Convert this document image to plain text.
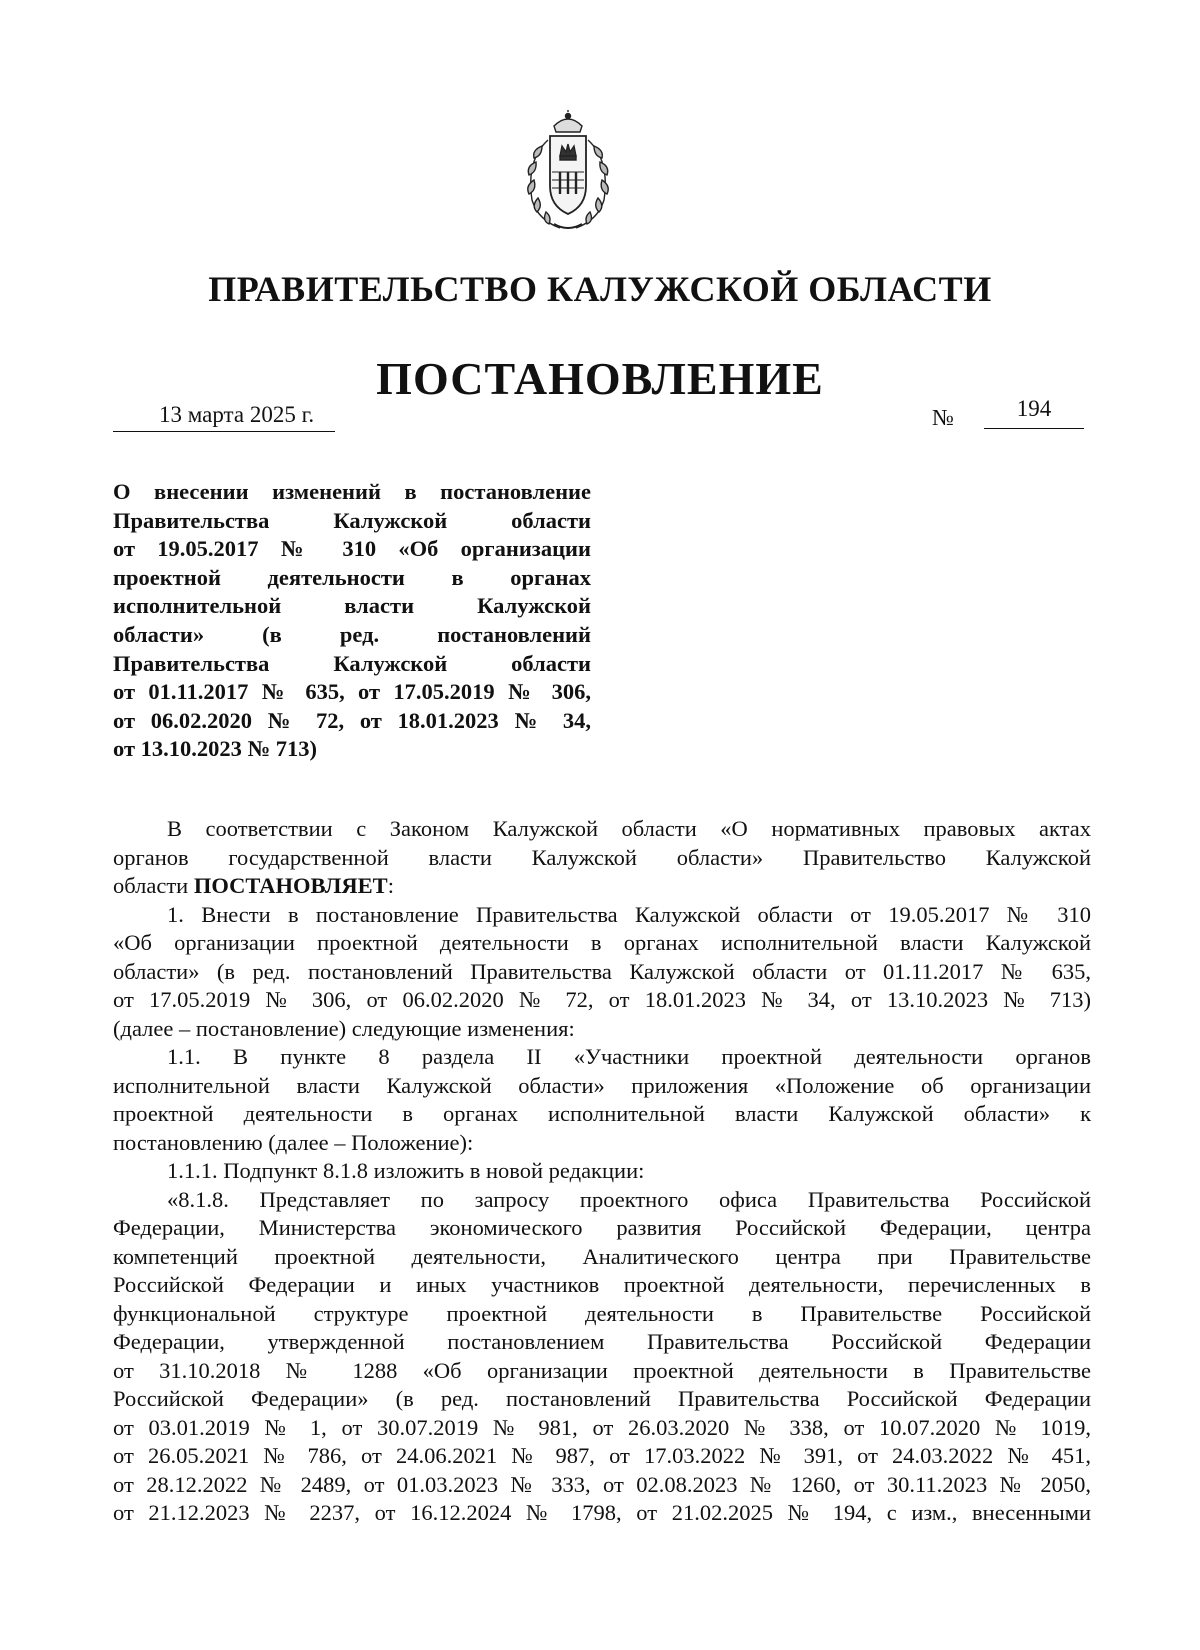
ПРАВИТЕЛЬСТВО КАЛУЖСКОЙ ОБЛАСТИ
ПОСТАНОВЛЕНИЕ
13 марта 2025 г.	№	194
О внесении изменений в постановление
Правительства Калужской области
от 19.05.2017 № 310 «Об организации
проектной деятельности в органах
исполнительной власти Калужской
области» (в ред. постановлений
Правительства Калужской области
от 01.11.2017 № 635, от 17.05.2019 № 306,
от 06.02.2020 № 72, от 18.01.2023 № 34,
от 13.10.2023 № 713)

В соответствии с Законом Калужской области «О нормативных правовых актах
органов государственной власти Калужской области» Правительство Калужской
области ПОСТАНОВЛЯЕТ:

1. Внести в постановление Правительства Калужской области от 19.05.2017 № 310
«Об организации проектной деятельности в органах исполнительной власти Калужской
области» (в ред. постановлений Правительства Калужской области от 01.11.2017 № 635,
от 17.05.2019 № 306, от 06.02.2020 № 72, от 18.01.2023 № 34, от 13.10.2023 № 713)
(далее – постановление) следующие изменения:

1.1. В пункте 8 раздела II «Участники проектной деятельности органов
исполнительной власти Калужской области» приложения «Положение об организации
проектной деятельности в органах исполнительной власти Калужской области» к
постановлению (далее – Положение):

1.1.1. Подпункт 8.1.8 изложить в новой редакции:

«8.1.8. Представляет по запросу проектного офиса Правительства Российской
Федерации, Министерства экономического развития Российской Федерации, центра
компетенций проектной деятельности, Аналитического центра при Правительстве
Российской Федерации и иных участников проектной деятельности, перечисленных в
функциональной структуре проектной деятельности в Правительстве Российской
Федерации, утвержденной постановлением Правительства Российской Федерации
от 31.10.2018 № 1288 «Об организации проектной деятельности в Правительстве
Российской Федерации» (в ред. постановлений Правительства Российской Федерации
от 03.01.2019 № 1, от 30.07.2019 № 981, от 26.03.2020 № 338, от 10.07.2020 № 1019,
от 26.05.2021 № 786, от 24.06.2021 № 987, от 17.03.2022 № 391, от 24.03.2022 № 451,
от 28.12.2022 № 2489, от 01.03.2023 № 333, от 02.08.2023 № 1260, от 30.11.2023 № 2050,
от 21.12.2023 № 2237, от 16.12.2024 № 1798, от 21.02.2025 № 194, с изм., внесенными
